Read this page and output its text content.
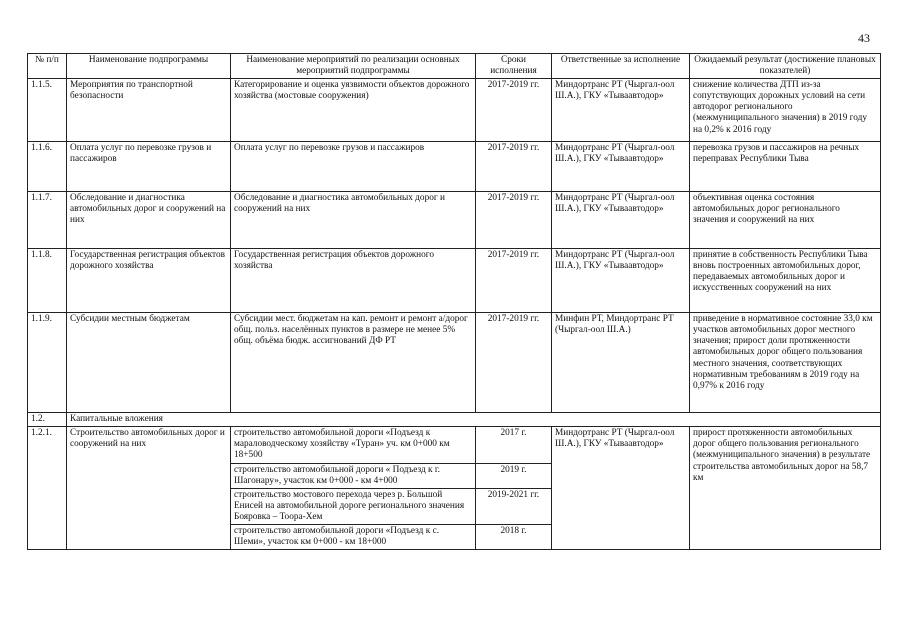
43
№ п/п	Наименование подпрограммы	Наименование мероприятий по реализации основных мероприятий подпрограммы	Сроки исполнения	Ответственные за исполнение	Ожидаемый результат (достижение плановых показателей)
1.1.5.	Мероприятия по транспортной безопасности	Категорирование и оценка уязвимости объектов дорожного хозяйства (мостовые сооружения)	2017-2019 гг.	Миндортранс РТ (Чыргал-оол Ш.А.), ГКУ «Тываавтодор»	снижение количества ДТП из-за сопутствующих дорожных условий на сети автодорог регионального (межмуниципального значения) в 2019 году на 0,2% к 2016 году
1.1.6.	Оплата услуг по перевозке грузов и пассажиров	Оплата услуг по перевозке грузов и пассажиров	2017-2019 гг.	Миндортранс РТ (Чыргал-оол Ш.А.), ГКУ «Тываавтодор»	перевозка грузов и пассажиров на речных переправах Республики Тыва
1.1.7.	Обследование и диагностика автомобильных дорог и сооружений на них	Обследование и диагностика автомобильных дорог и сооружений на них	2017-2019 гг.	Миндортранс РТ (Чыргал-оол Ш.А.), ГКУ «Тываавтодор»	объективная оценка состояния автомобильных дорог регионального значения и сооружений на них
1.1.8.	Государственная регистрация объектов дорожного хозяйства	Государственная регистрация объектов дорожного хозяйства	2017-2019 гг.	Миндортранс РТ (Чыргал-оол Ш.А.), ГКУ «Тываавтодор»	принятие в собственность Республики Тыва вновь построенных автомобильных дорог, передаваемых автомобильных дорог и искусственных сооружений на них
1.1.9.	Субсидии местным бюджетам	Субсидии мест. бюджетам на кап. ремонт и ремонт а/дорог общ. польз. населённых пунктов в размере не менее 5% общ. объёма бюдж. ассигнований ДФ РТ	2017-2019 гг.	Минфин РТ, Миндортранс РТ (Чыргал-оол Ш.А.)	приведение в нормативное состояние 33,0 км участков автомобильных дорог местного значения; прирост доли протяженности автомобильных дорог общего пользования местного значения, соответствующих нормативным требованиям в 2019 году на 0,97% к 2016 году
1.2.	Капитальные вложения				
1.2.1.	Строительство автомобильных дорог и сооружений на них	строительство автомобильной дороги «Подъезд к мараловодческому хозяйству «Туран» уч. км 0+000 км 18+500	2017 г.	Миндортранс РТ (Чыргал-оол Ш.А.), ГКУ «Тываавтодор»	прирост протяженности автомобильных дорог общего пользования регионального (межмуниципального значения) в результате строительства автомобильных дорог на 58,7 км
		строительство автомобильной дороги « Подъезд к г. Шагонару», участок км 0+000 - км 4+000	2019 г.		
		строительство мостового перехода через р. Большой Енисей на автомобильной дороге регионального значения Бояровка – Тоора-Хем	2019-2021 гг.		
		строительство автомобильной дороги «Подъезд к с. Шеми», участок км 0+000 - км 18+000	2018 г.		
